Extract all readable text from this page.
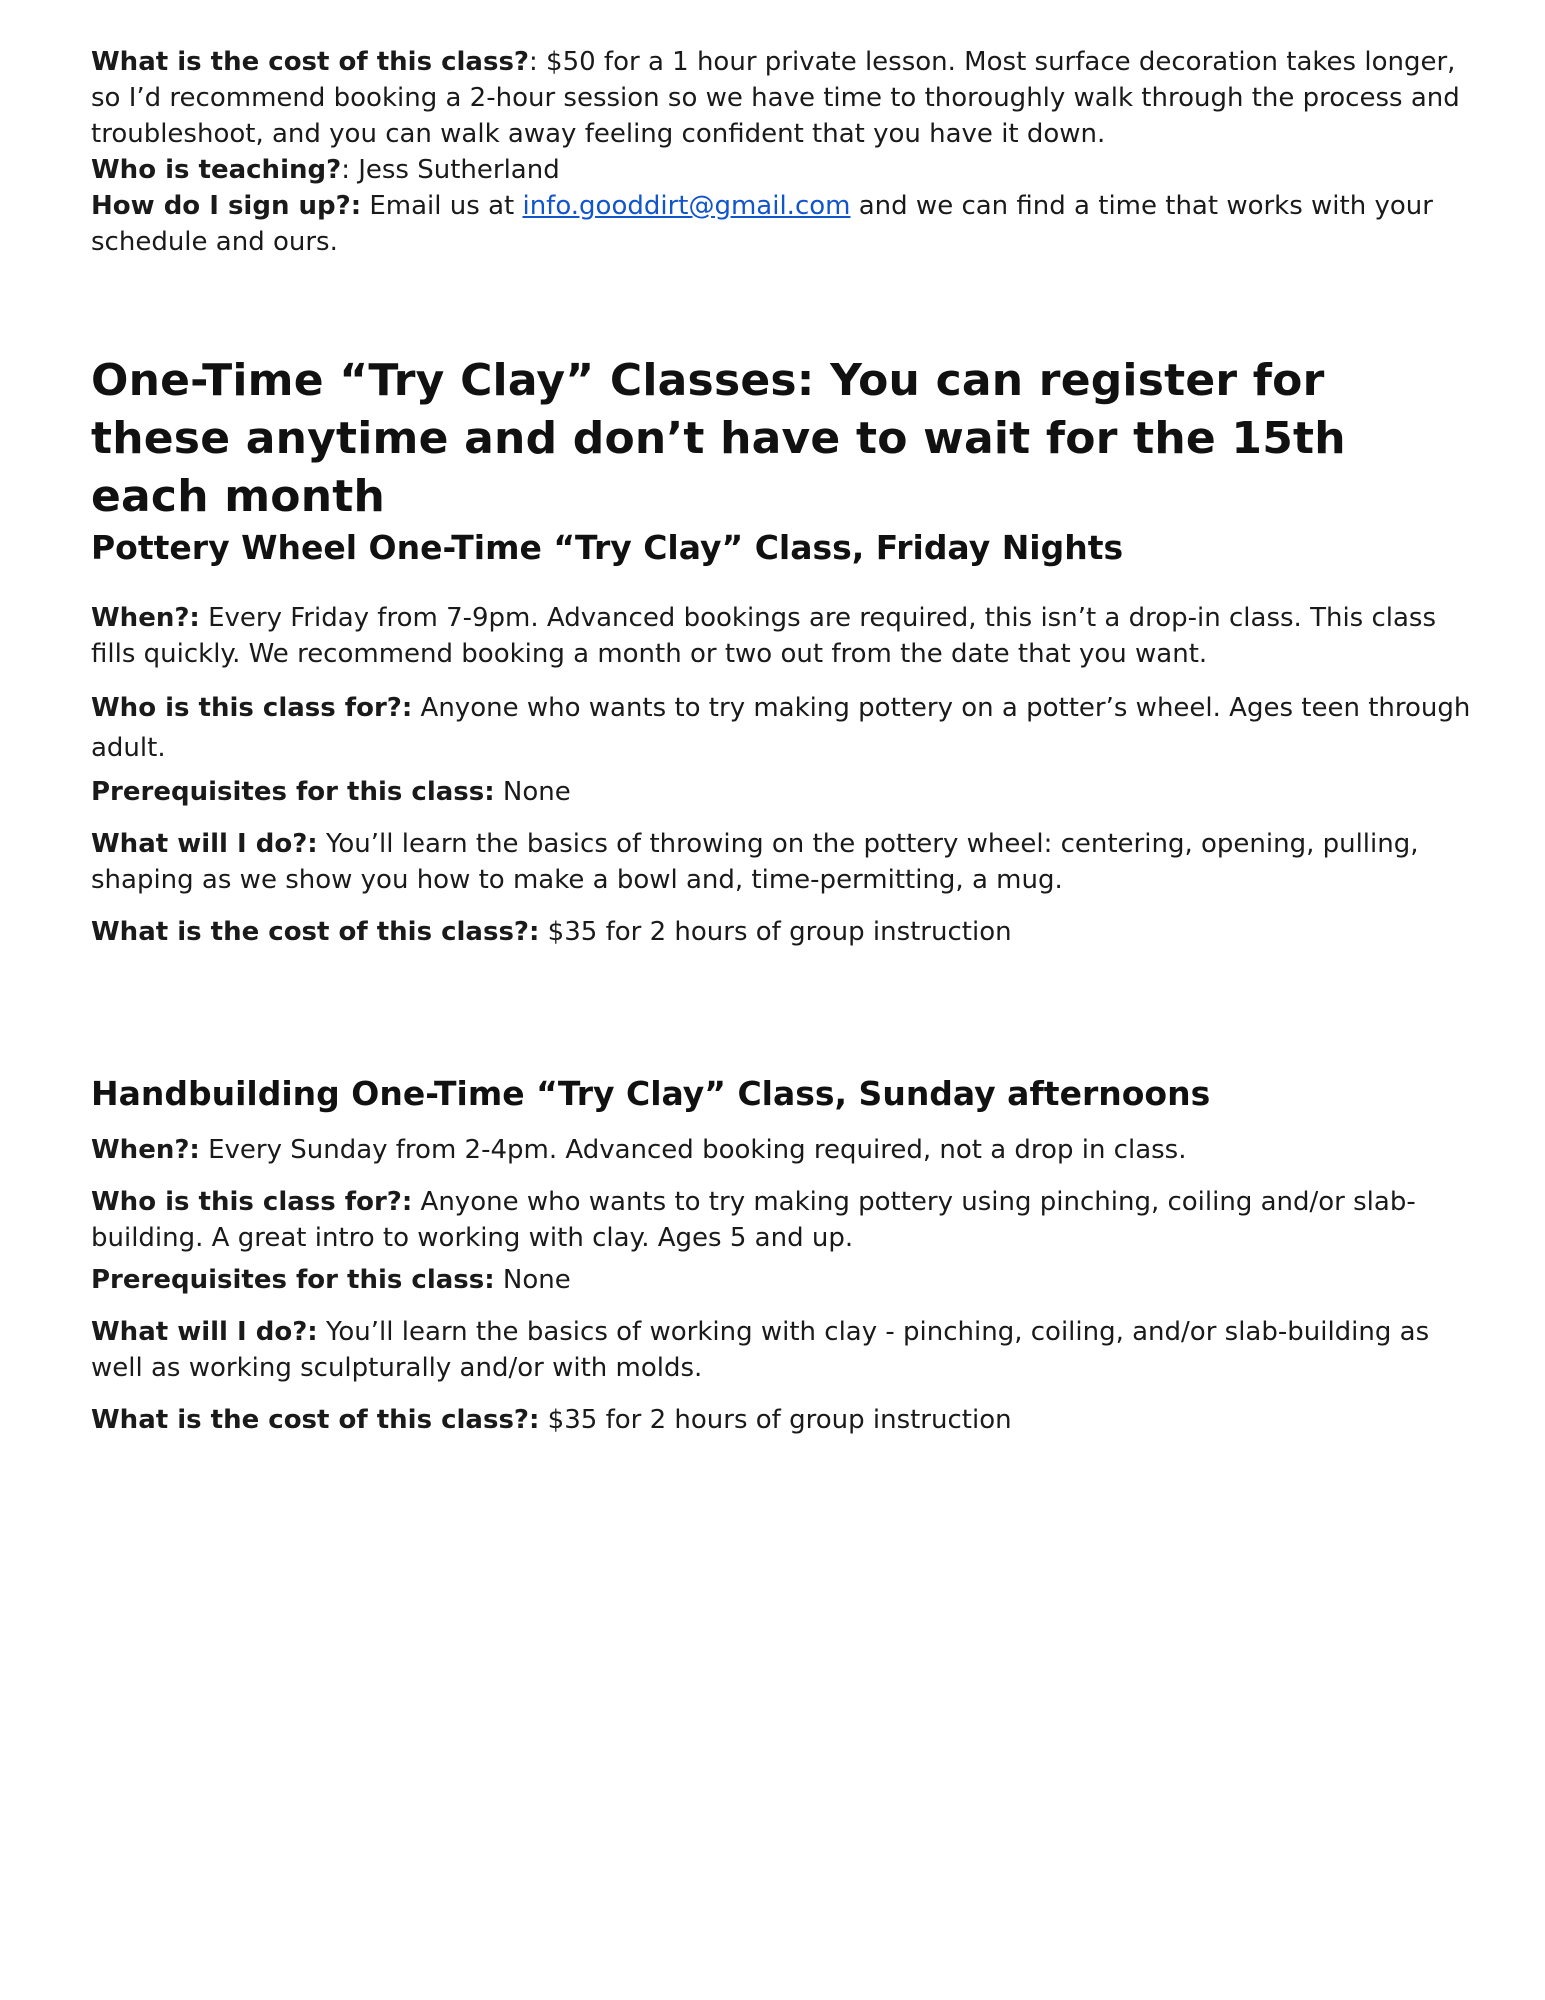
What is the cost of this class?: $50 for a 1 hour private lesson. Most surface decoration takes longer, so I’d recommend booking a 2-hour session so we have time to thoroughly walk through the process and troubleshoot, and you can walk away feeling confident that you have it down.

Who is teaching?: Jess Sutherland

How do I sign up?: Email us at info.gooddirt@gmail.com and we can find a time that works with your schedule and ours.

One-Time “Try Clay” Classes: You can register for these anytime and don’t have to wait for the 15th each month
Pottery Wheel One-Time “Try Clay” Class, Friday Nights

When?: Every Friday from 7-9pm. Advanced bookings are required, this isn’t a drop-in class. This class fills quickly. We recommend booking a month or two out from the date that you want.

Who is this class for?: Anyone who wants to try making pottery on a potter’s wheel. Ages teen through adult.

Prerequisites for this class: None

What will I do?: You’ll learn the basics of throwing on the pottery wheel: centering, opening, pulling, shaping as we show you how to make a bowl and, time-permitting, a mug.

What is the cost of this class?: $35 for 2 hours of group instruction

Handbuilding One-Time “Try Clay” Class, Sunday afternoons

When?: Every Sunday from 2-4pm. Advanced booking required, not a drop in class.

Who is this class for?: Anyone who wants to try making pottery using pinching, coiling and/or slab-building. A great intro to working with clay. Ages 5 and up.

Prerequisites for this class: None

What will I do?: You’ll learn the basics of working with clay - pinching, coiling, and/or slab-building as well as working sculpturally and/or with molds.

What is the cost of this class?: $35 for 2 hours of group instruction
